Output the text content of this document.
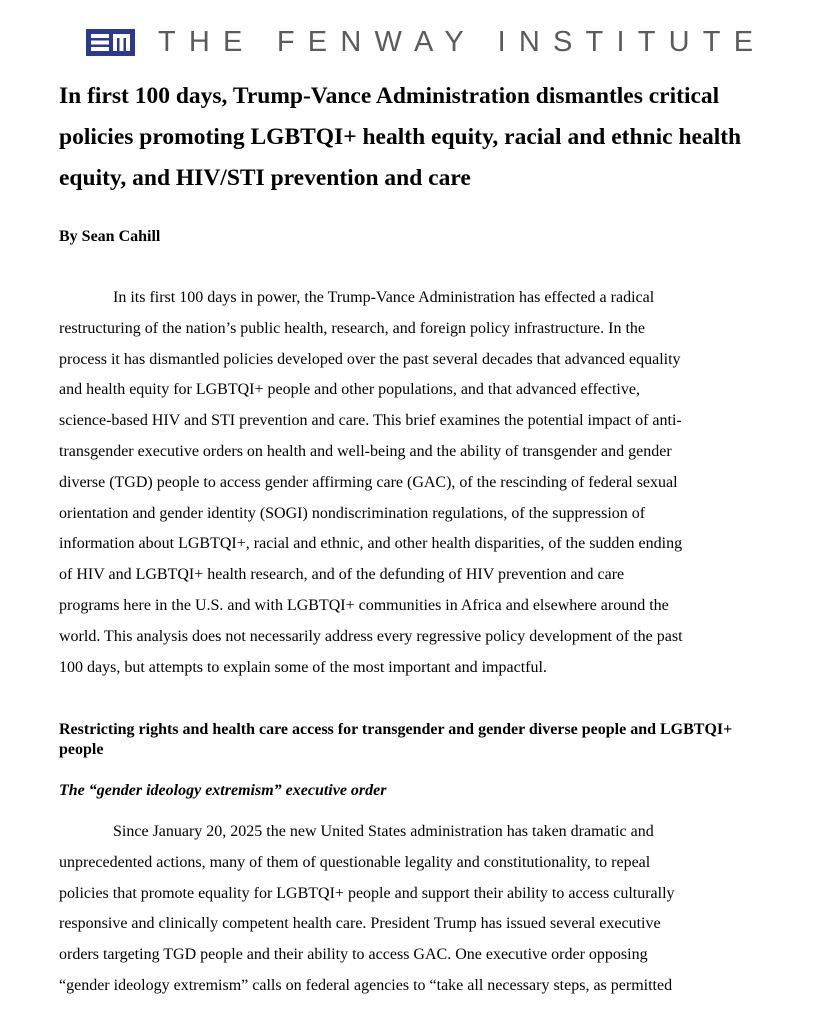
THE FENWAY INSTITUTE
In first 100 days, Trump-Vance Administration dismantles critical
policies promoting LGBTQI+ health equity, racial and ethnic health
equity, and HIV/STI prevention and care

By Sean Cahill

In its first 100 days in power, the Trump-Vance Administration has effected a radical
restructuring of the nation’s public health, research, and foreign policy infrastructure. In the
process it has dismantled policies developed over the past several decades that advanced equality
and health equity for LGBTQI+ people and other populations, and that advanced effective,
science-based HIV and STI prevention and care. This brief examines the potential impact of anti-
transgender executive orders on health and well-being and the ability of transgender and gender
diverse (TGD) people to access gender affirming care (GAC), of the rescinding of federal sexual
orientation and gender identity (SOGI) nondiscrimination regulations, of the suppression of
information about LGBTQI+, racial and ethnic, and other health disparities, of the sudden ending
of HIV and LGBTQI+ health research, and of the defunding of HIV prevention and care
programs here in the U.S. and with LGBTQI+ communities in Africa and elsewhere around the
world. This analysis does not necessarily address every regressive policy development of the past
100 days, but attempts to explain some of the most important and impactful.
Restricting rights and health care access for transgender and gender diverse people and LGBTQI+ people
The “gender ideology extremism” executive order
Since January 20, 2025 the new United States administration has taken dramatic and
unprecedented actions, many of them of questionable legality and constitutionality, to repeal
policies that promote equality for LGBTQI+ people and support their ability to access culturally
responsive and clinically competent health care. President Trump has issued several executive
orders targeting TGD people and their ability to access GAC. One executive order opposing
“gender ideology extremism” calls on federal agencies to “take all necessary steps, as permitted
